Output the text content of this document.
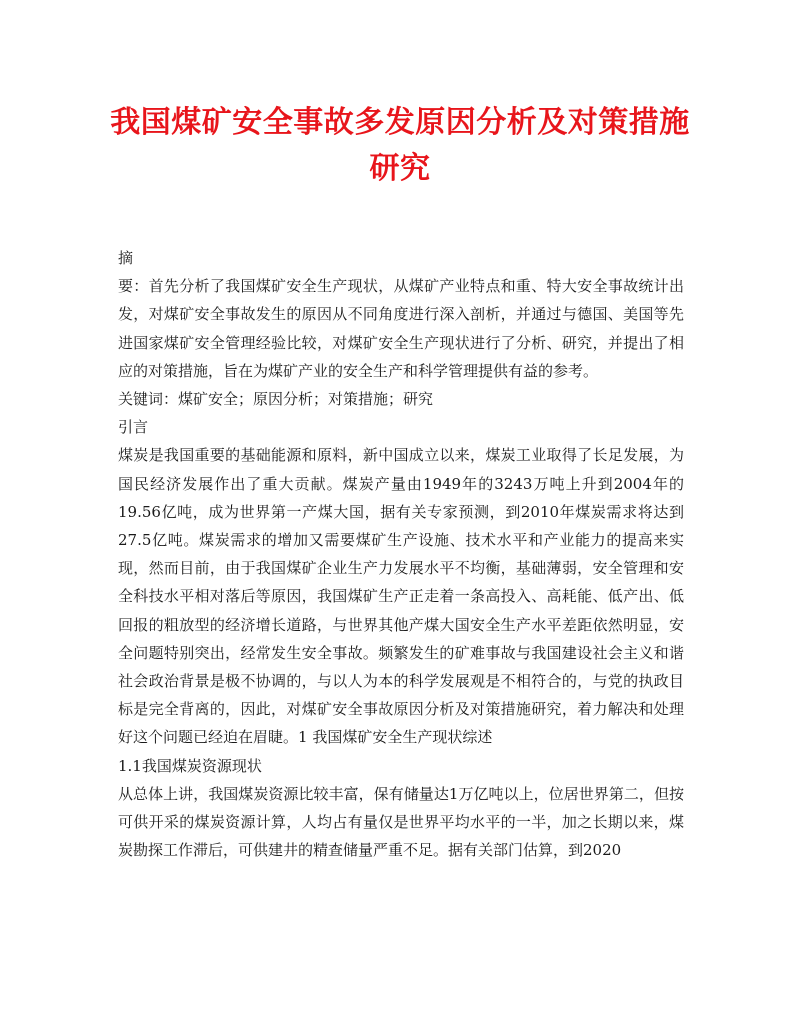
我国煤矿安全事故多发原因分析及对策措施
研究

摘

要：首先分析了我国煤矿安全生产现状，从煤矿产业特点和重、特大安全事故统计出发，对煤矿安全事故发生的原因从不同角度进行深入剖析，并通过与德国、美国等先进国家煤矿安全管理经验比较，对煤矿安全生产现状进行了分析、研究，并提出了相应的对策措施，旨在为煤矿产业的安全生产和科学管理提供有益的参考。

关键词：煤矿安全；原因分析；对策措施；研究

引言

煤炭是我国重要的基础能源和原料，新中国成立以来，煤炭工业取得了长足发展，为国民经济发展作出了重大贡献。煤炭产量由1949年的3243万吨上升到2004年的19.56亿吨，成为世界第一产煤大国，据有关专家预测，到2010年煤炭需求将达到27.5亿吨。煤炭需求的增加又需要煤矿生产设施、技术水平和产业能力的提高来实现，然而目前，由于我国煤矿企业生产力发展水平不均衡，基础薄弱，安全管理和安全科技水平相对落后等原因，我国煤矿生产正走着一条高投入、高耗能、低产出、低回报的粗放型的经济增长道路，与世界其他产煤大国安全生产水平差距依然明显，安全问题特别突出，经常发生安全事故。频繁发生的矿难事故与我国建设社会主义和谐社会政治背景是极不协调的，与以人为本的科学发展观是不相符合的，与党的执政目标是完全背离的，因此，对煤矿安全事故原因分析及对策措施研究，着力解决和处理好这个问题已经迫在眉睫。1 我国煤矿安全生产现状综述

1.1我国煤炭资源现状

从总体上讲，我国煤炭资源比较丰富，保有储量达1万亿吨以上，位居世界第二，但按可供开采的煤炭资源计算，人均占有量仅是世界平均水平的一半，加之长期以来，煤炭勘探工作滞后，可供建井的精查储量严重不足。据有关部门估算，到2020
